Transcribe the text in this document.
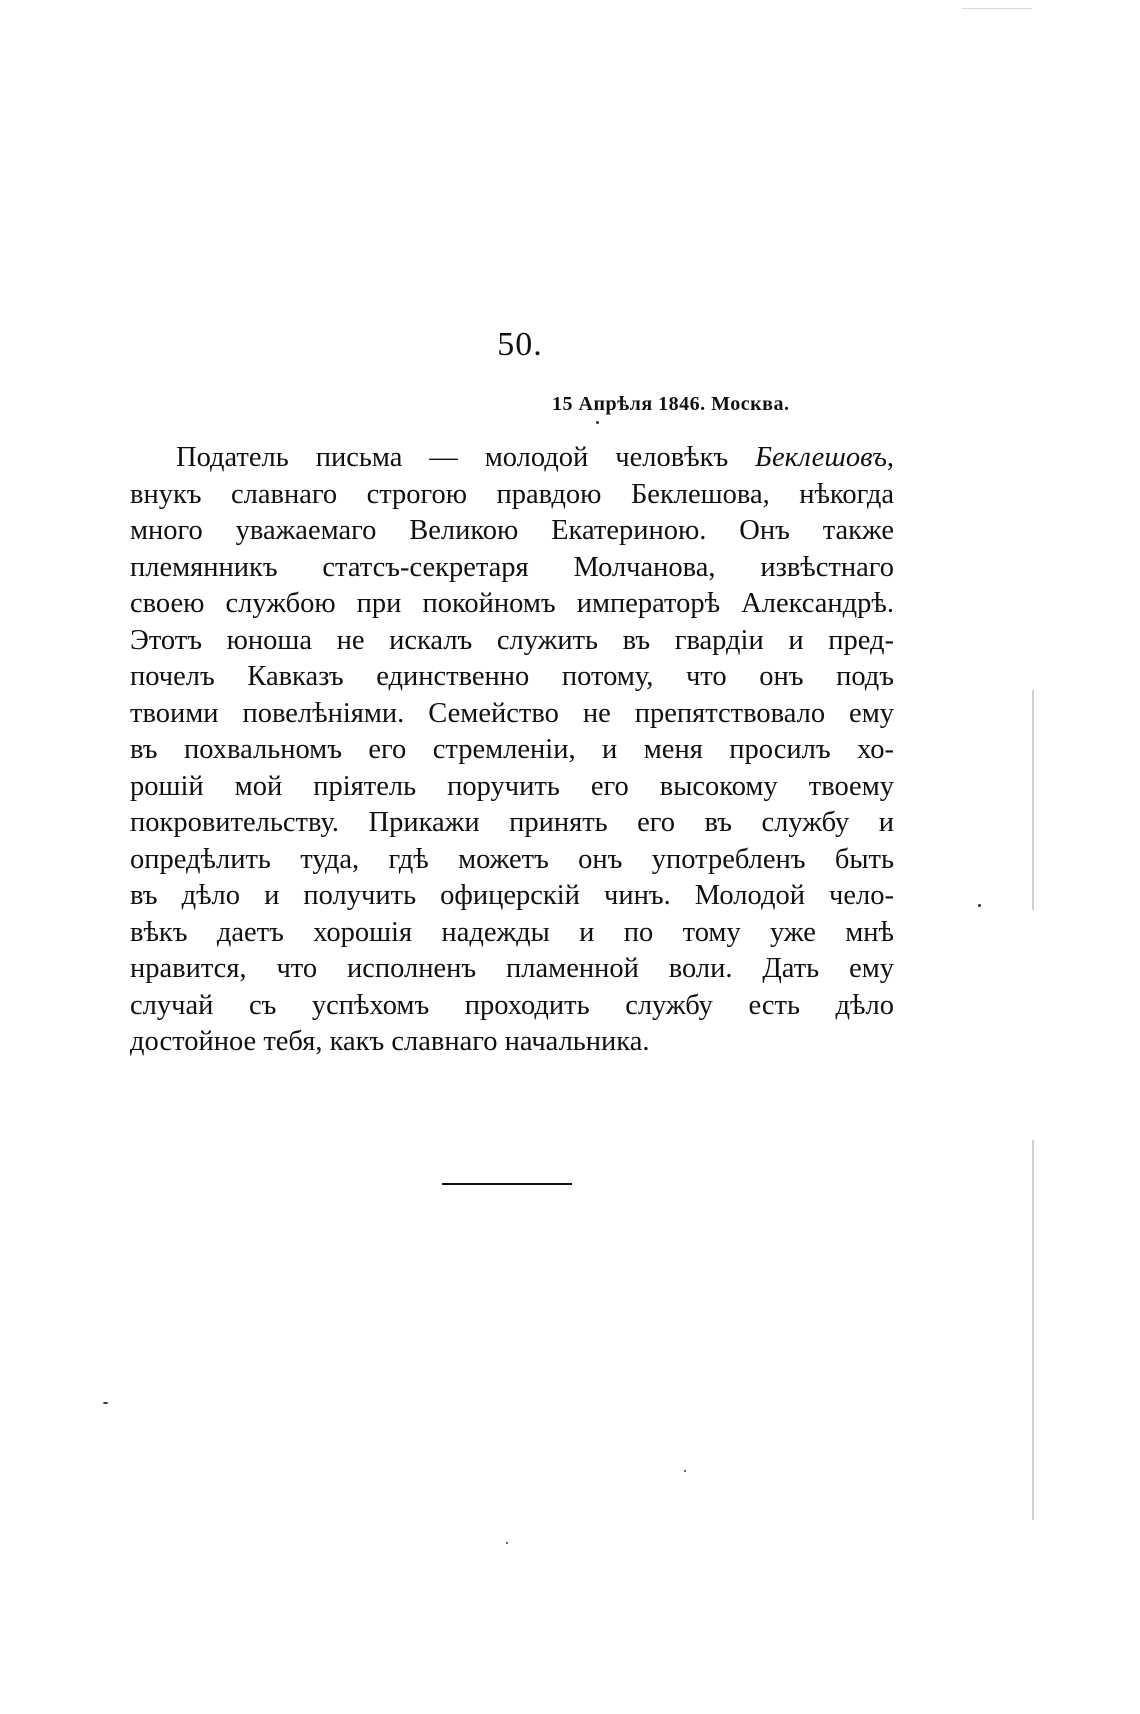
50.
15 Апрѣля 1846. Москва.
Податель письма — молодой человѣкъ Беклешовъ,
внукъ славнаго строгою правдою Беклешова, нѣкогда
много уважаемаго Великою Екатериною. Онъ также
племянникъ статсъ-секретаря Молчанова, извѣстнаго
своею службою при покойномъ императорѣ Александрѣ.
Этотъ юноша не искалъ служить въ гвардіи и пред-
почелъ Кавказъ единственно потому, что онъ подъ
твоими повелѣніями. Семейство не препятствовало ему
въ похвальномъ его стремленіи, и меня просилъ хо-
рошій мой пріятель поручить его высокому твоему
покровительству. Прикажи принять его въ службу и
опредѣлить туда, гдѣ можетъ онъ употребленъ быть
въ дѣло и получить офицерскій чинъ. Молодой чело-
вѣкъ даетъ хорошія надежды и по тому уже мнѣ
нравится, что исполненъ пламенной воли. Дать ему
случай съ успѣхомъ проходить службу есть дѣло
достойное тебя, какъ славнаго начальника.
